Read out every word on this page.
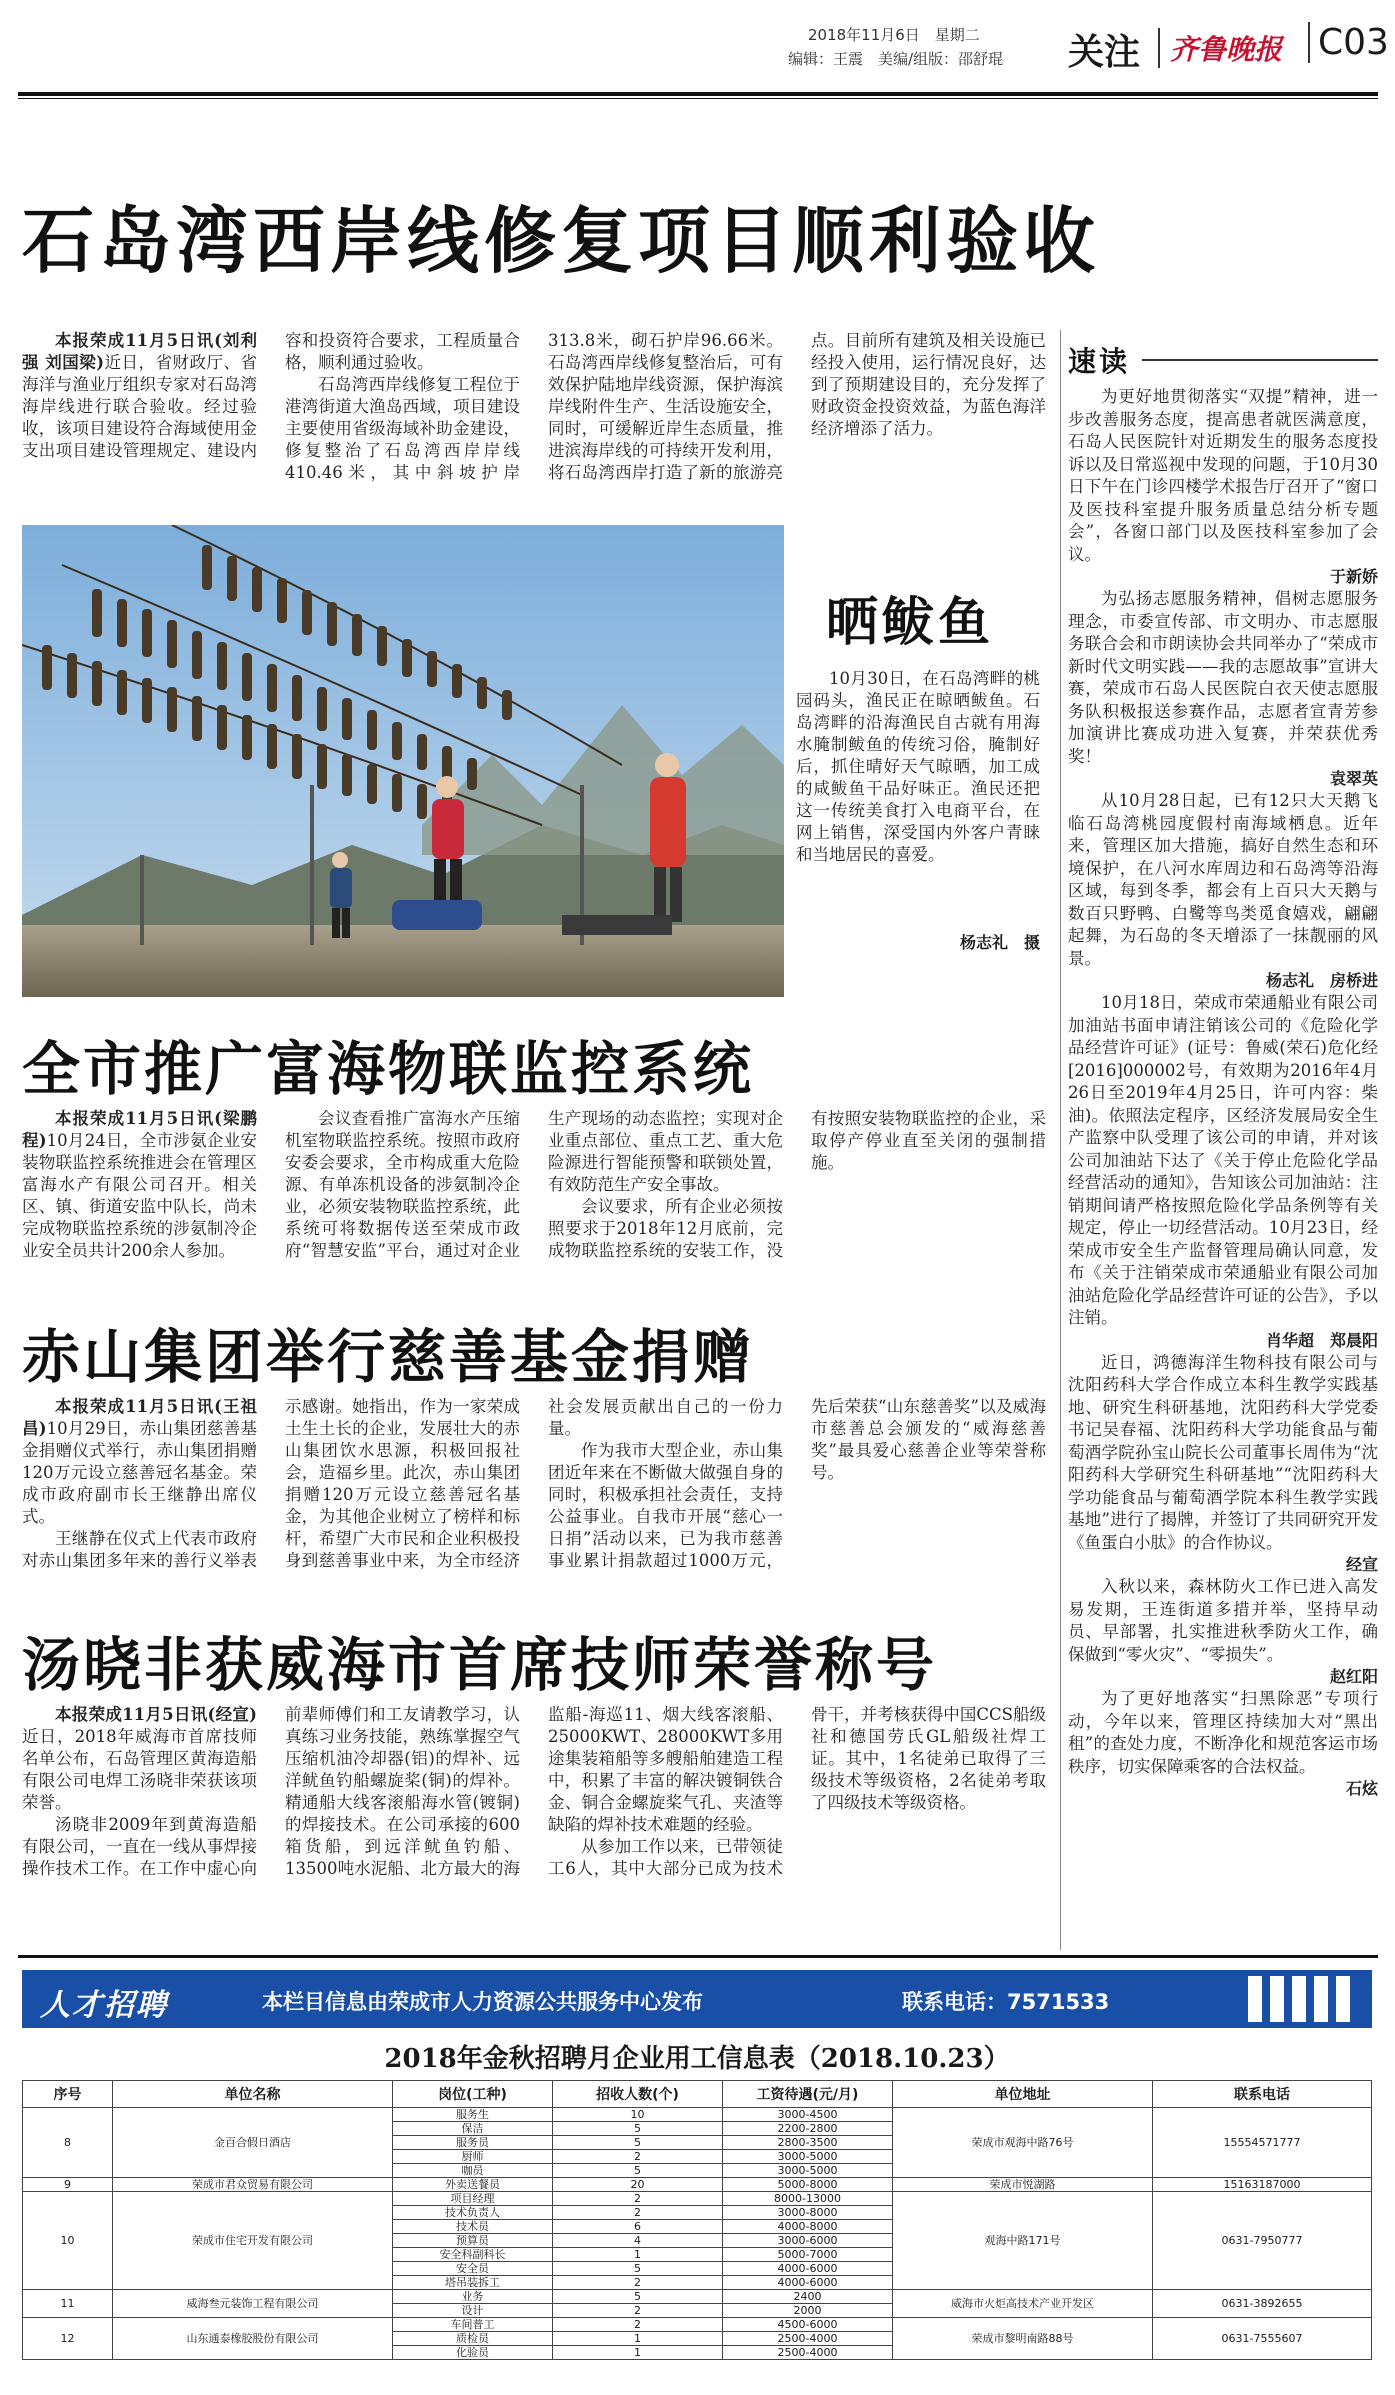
2018年11月6日　星期二
编辑：王震　美编/组版：邵舒琨	关注	齐鲁晚报 C03
石岛湾西岸线修复项目顺利验收

本报荣成11月5日讯(刘利强 刘国梁)近日，省财政厅、省海洋与渔业厅组织专家对石岛湾海岸线进行联合验收。经过验收，该项目建设符合海域使用金支出项目建设管理规定、建设内容和投资符合要求，工程质量合格，顺利通过验收。

石岛湾西岸线修复工程位于港湾街道大渔岛西域，项目建设主要使用省级海域补助金建设，修复整治了石岛湾西岸岸线410.46米，其中斜坡护岸313.8米，砌石护岸96.66米。石岛湾西岸线修复整治后，可有效保护陆地岸线资源，保护海滨岸线附件生产、生活设施安全，同时，可缓解近岸生态质量，推进滨海岸线的可持续开发利用，将石岛湾西岸打造了新的旅游亮点。目前所有建筑及相关设施已经投入使用，运行情况良好，达到了预期建设目的，充分发挥了财政资金投资效益，为蓝色海洋经济增添了活力。

晒鲅鱼
10月30日，在石岛湾畔的桃园码头，渔民正在晾晒鲅鱼。石岛湾畔的沿海渔民自古就有用海水腌制鲅鱼的传统习俗，腌制好后，抓住晴好天气晾晒，加工成的咸鲅鱼干品好味正。渔民还把这一传统美食打入电商平台，在网上销售，深受国内外客户青睐和当地居民的喜爱。
杨志礼　摄
全市推广富海物联监控系统

本报荣成11月5日讯(梁鹏程)10月24日，全市涉氨企业安装物联监控系统推进会在管理区富海水产有限公司召开。相关区、镇、街道安监中队长，尚未完成物联监控系统的涉氨制冷企业安全员共计200余人参加。

会议查看推广富海水产压缩机室物联监控系统。按照市政府安委会要求，全市构成重大危险源、有单冻机设备的涉氨制冷企业，必须安装物联监控系统，此系统可将数据传送至荣成市政府“智慧安监”平台，通过对企业生产现场的动态监控；实现对企业重点部位、重点工艺、重大危险源进行智能预警和联锁处置，有效防范生产安全事故。

会议要求，所有企业必须按照要求于2018年12月底前，完成物联监控系统的安装工作，没有按照安装物联监控的企业，采取停产停业直至关闭的强制措施。

赤山集团举行慈善基金捐赠

本报荣成11月5日讯(王祖昌)10月29日，赤山集团慈善基金捐赠仪式举行，赤山集团捐赠120万元设立慈善冠名基金。荣成市政府副市长王继静出席仪式。

王继静在仪式上代表市政府对赤山集团多年来的善行义举表示感谢。她指出，作为一家荣成土生土长的企业，发展壮大的赤山集团饮水思源，积极回报社会，造福乡里。此次，赤山集团捐赠120万元设立慈善冠名基金，为其他企业树立了榜样和标杆，希望广大市民和企业积极投身到慈善事业中来，为全市经济社会发展贡献出自己的一份力量。

作为我市大型企业，赤山集团近年来在不断做大做强自身的同时，积极承担社会责任，支持公益事业。自我市开展“慈心一日捐”活动以来，已为我市慈善事业累计捐款超过1000万元，先后荣获“山东慈善奖”以及威海市慈善总会颁发的“威海慈善奖”最具爱心慈善企业等荣誉称号。

汤晓非获威海市首席技师荣誉称号

本报荣成11月5日讯(经宣)近日，2018年威海市首席技师名单公布，石岛管理区黄海造船有限公司电焊工汤晓非荣获该项荣誉。

汤晓非2009年到黄海造船有限公司，一直在一线从事焊接操作技术工作。在工作中虚心向前辈师傅们和工友请教学习，认真练习业务技能，熟练掌握空气压缩机油冷却器(铝)的焊补、远洋鱿鱼钓船螺旋桨(铜)的焊补。精通船大线客滚船海水管(镀铜)的焊接技术。在公司承接的600箱货船，到远洋鱿鱼钓船、13500吨水泥船、北方最大的海监船-海巡11、烟大线客滚船、25000KWT、28000KWT多用途集装箱船等多艘船舶建造工程中，积累了丰富的解决镀铜铁合金、铜合金螺旋桨气孔、夹渣等缺陷的焊补技术难题的经验。

从参加工作以来，已带领徒工6人，其中大部分已成为技术骨干，并考核获得中国CCS船级社和德国劳氏GL船级社焊工证。其中，1名徒弟已取得了三级技术等级资格，2名徒弟考取了四级技术等级资格。

速读

为更好地贯彻落实“双提”精神，进一步改善服务态度，提高患者就医满意度，石岛人民医院针对近期发生的服务态度投诉以及日常巡视中发现的问题，于10月30日下午在门诊四楼学术报告厅召开了“窗口及医技科室提升服务质量总结分析专题会”，各窗口部门以及医技科室参加了会议。

于新娇

为弘扬志愿服务精神，倡树志愿服务理念，市委宣传部、市文明办、市志愿服务联合会和市朗读协会共同举办了“荣成市新时代文明实践——我的志愿故事”宣讲大赛，荣成市石岛人民医院白衣天使志愿服务队积极报送参赛作品，志愿者宣青芳参加演讲比赛成功进入复赛，并荣获优秀奖！

袁翠英

从10月28日起，已有12只大天鹅飞临石岛湾桃园度假村南海域栖息。近年来，管理区加大措施，搞好自然生态和环境保护，在八河水库周边和石岛湾等沿海区域，每到冬季，都会有上百只大天鹅与数百只野鸭、白鹭等鸟类觅食嬉戏，翩翩起舞，为石岛的冬天增添了一抹靓丽的风景。

杨志礼　房桥进

10月18日，荣成市荣通船业有限公司加油站书面申请注销该公司的《危险化学品经营许可证》(证号：鲁威(荣石)危化经[2016]000002号，有效期为2016年4月26日至2019年4月25日，许可内容：柴油)。依照法定程序，区经济发展局安全生产监察中队受理了该公司的申请，并对该公司加油站下达了《关于停止危险化学品经营活动的通知》，告知该公司加油站：注销期间请严格按照危险化学品条例等有关规定，停止一切经营活动。10月23日，经荣成市安全生产监督管理局确认同意，发布《关于注销荣成市荣通船业有限公司加油站危险化学品经营许可证的公告》，予以注销。

肖华超　郑晨阳

近日，鸿德海洋生物科技有限公司与沈阳药科大学合作成立本科生教学实践基地、研究生科研基地，沈阳药科大学党委书记吴春福、沈阳药科大学功能食品与葡萄酒学院孙宝山院长公司董事长周伟为“沈阳药科大学研究生科研基地”“沈阳药科大学功能食品与葡萄酒学院本科生教学实践基地”进行了揭牌，并签订了共同研究开发《鱼蛋白小肽》的合作协议。

经宣

入秋以来，森林防火工作已进入高发易发期，王连街道多措并举，坚持早动员、早部署，扎实推进秋季防火工作，确保做到“零火灾”、“零损失”。

赵红阳

为了更好地落实“扫黑除恶”专项行动，今年以来，管理区持续加大对“黑出租”的查处力度，不断净化和规范客运市场秩序，切实保障乘客的合法权益。

石炫
人才招聘	本栏目信息由荣成市人力资源公共服务中心发布	联系电话：7571533
2018年金秋招聘月企业用工信息表（2018.10.23）
序号	单位名称	岗位(工种)	招收人数(个)	工资待遇(元/月)	单位地址	联系电话
8	金百合假日酒店	服务生	10	3000-4500	荣成市观海中路76号	15554571777
		保洁	5	2200-2800		
		服务员	5	2800-3500		
		厨师	2	3000-5000		
		咖员	5	3000-5000		
9	荣成市君众贸易有限公司	外卖送餐员	20	5000-8000	荣成市悦湖路	15163187000
10	荣成市住宅开发有限公司	项目经理	2	8000-13000	观海中路171号	0631-7950777
		技术负责人	2	3000-8000		
		技术员	6	4000-8000		
		预算员	4	3000-6000		
		安全科副科长	1	5000-7000		
		安全员	5	4000-6000		
		塔吊装拆工	2	4000-6000		
11	威海叁元装饰工程有限公司	业务	5	2400	威海市火炬高技术产业开发区	0631-3892655
		设计	2	2000		
12	山东通泰橡胶股份有限公司	车间普工	2	4500-6000	荣成市黎明南路88号	0631-7555607
		质检员	1	2500-4000		
		化验员	1	2500-4000		
